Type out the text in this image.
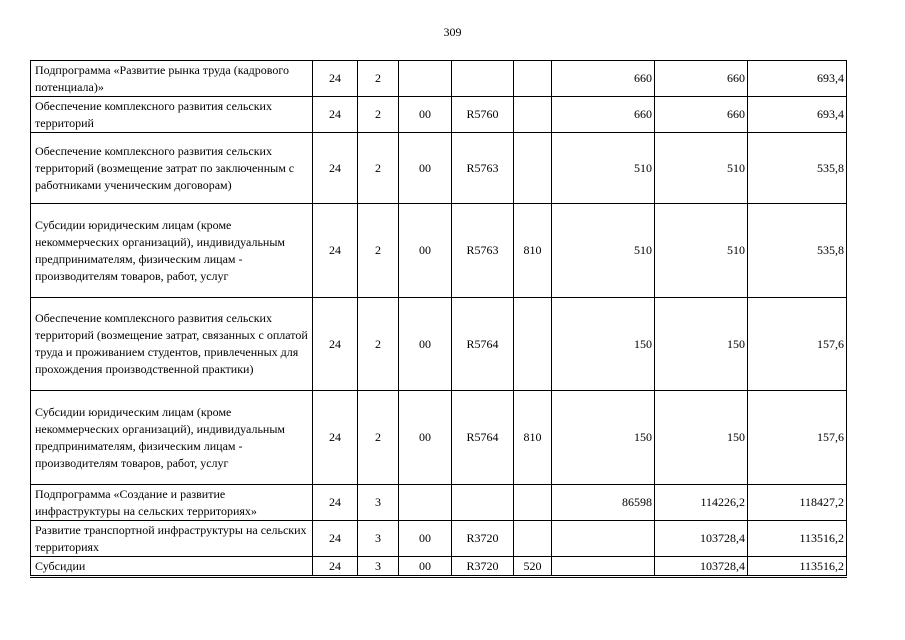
309
Подпрограмма «Развитие рынка труда (кадрового потенциала)»	24	2				660	660	693,4
Обеспечение комплексного развития сельских территорий	24	2	00	R5760		660	660	693,4
Обеспечение комплексного развития сельских территорий (возмещение затрат по заключенным с работниками ученическим договорам)	24	2	00	R5763		510	510	535,8
Субсидии юридическим лицам (кроме некоммерческих организаций), индивидуальным предпринимателям, физическим лицам - производителям товаров, работ, услуг	24	2	00	R5763	810	510	510	535,8
Обеспечение комплексного развития сельских территорий (возмещение затрат, связанных с оплатой труда и проживанием студентов, привлеченных для прохождения производственной практики)	24	2	00	R5764		150	150	157,6
Субсидии юридическим лицам (кроме некоммерческих организаций), индивидуальным предпринимателям, физическим лицам - производителям товаров, работ, услуг	24	2	00	R5764	810	150	150	157,6
Подпрограмма «Создание и развитие инфраструктуры на сельских территориях»	24	3				86598	114226,2	118427,2
Развитие транспортной инфраструктуры на сельских территориях	24	3	00	R3720			103728,4	113516,2
Субсидии	24	3	00	R3720	520		103728,4	113516,2
